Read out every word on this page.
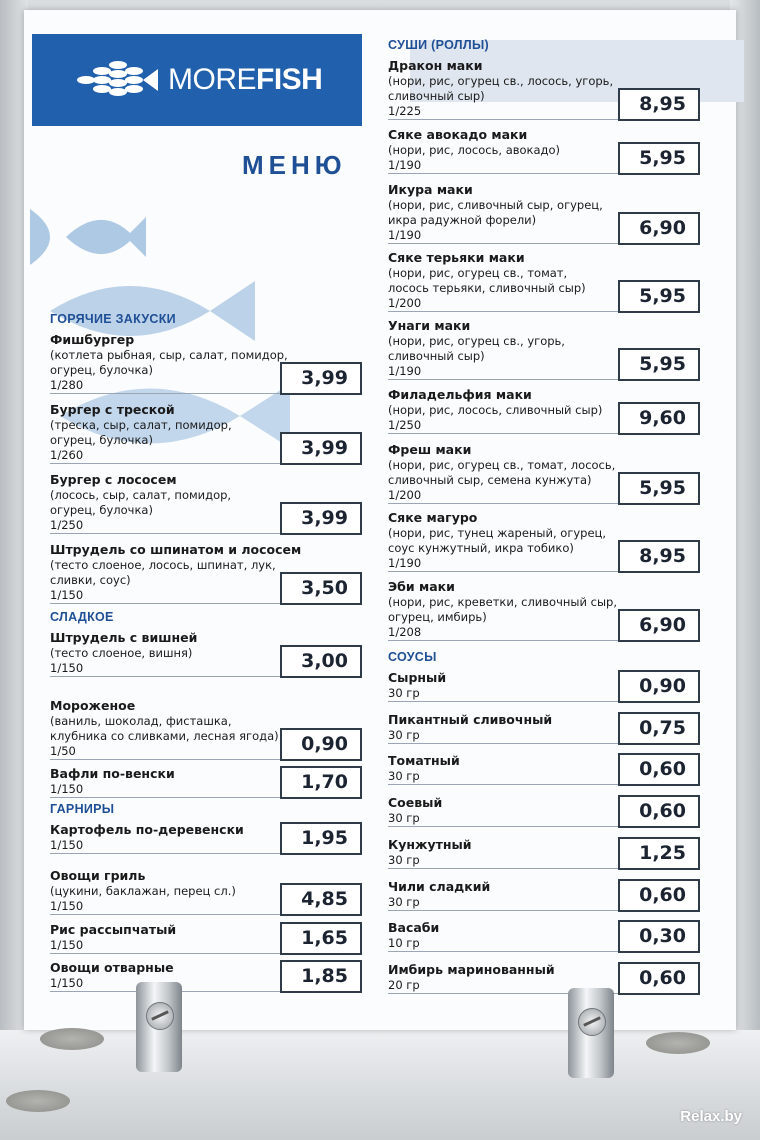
MOREFISH
МЕНЮ
ГОРЯЧИЕ ЗАКУСКИ
Фишбургер
(котлета рыбная, сыр, салат, помидор,
огурец, булочка)
1/280	3,99
Бургер с треской
(треска, сыр, салат, помидор,
огурец, булочка)
1/260	3,99
Бургер с лососем
(лосось, сыр, салат, помидор,
огурец, булочка)
1/250	3,99
Штрудель со шпинатом и лососем
(тесто слоеное, лосось, шпинат, лук,
сливки, соус)
1/150	3,50
СЛАДКОЕ
Штрудель с вишней
(тесто слоеное, вишня)
1/150	3,00
Мороженое
(ваниль, шоколад, фисташка,
клубника со сливками, лесная ягода)
1/50	0,90
Вафли по-венски
1/150	1,70
ГАРНИРЫ
Картофель по-деревенски
1/150	1,95
Овощи гриль
(цукини, баклажан, перец сл.)
1/150	4,85
Рис рассыпчатый
1/150	1,65
Овощи отварные
1/150	1,85
СУШИ (РОЛЛЫ)
Дракон маки
(нори, рис, огурец св., лосось, угорь,
сливочный сыр)
1/225	8,95
Сяке авокадо маки
(нори, рис, лосось, авокадо)
1/190	5,95
Икура маки
(нори, рис, сливочный сыр, огурец,
икра радужной форели)
1/190	6,90
Сяке терьяки маки
(нори, рис, огурец св., томат,
лосось терьяки, сливочный сыр)
1/200	5,95
Унаги маки
(нори, рис, огурец св., угорь,
сливочный сыр)
1/190	5,95
Филадельфия маки
(нори, рис, лосось, сливочный сыр)
1/250	9,60
Фреш маки
(нори, рис, огурец св., томат, лосось,
сливочный сыр, семена кунжута)
1/200	5,95
Сяке магуро
(нори, рис, тунец жареный, огурец,
соус кунжутный, икра тобико)
1/190	8,95
Эби маки
(нори, рис, креветки, сливочный сыр,
огурец, имбирь)
1/208	6,90
СОУСЫ
Сырный
30 гр	0,90
Пикантный сливочный
30 гр	0,75
Томатный
30 гр	0,60
Соевый
30 гр	0,60
Кунжутный
30 гр	1,25
Чили сладкий
30 гр	0,60
Васаби
10 гр	0,30
Имбирь маринованный
20 гр	0,60
Relax.by
